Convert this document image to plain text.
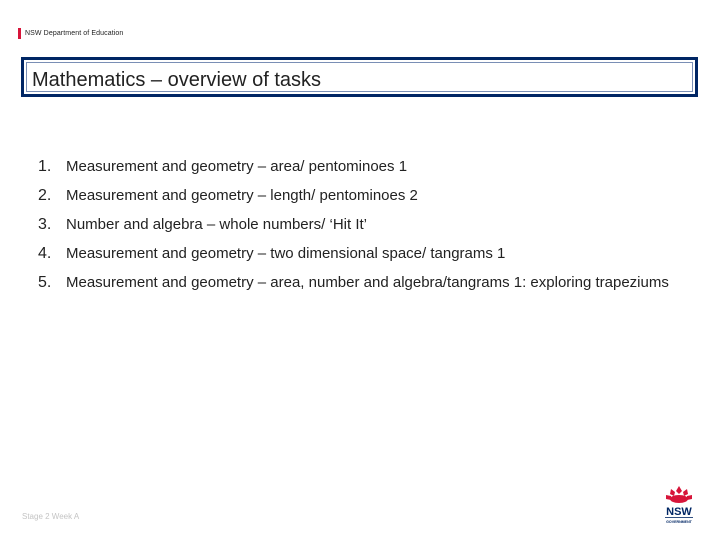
NSW Department of Education
Mathematics – overview of tasks
1. Measurement and geometry – area/ pentominoes 1
2. Measurement and geometry – length/ pentominoes 2
3. Number and algebra – whole numbers/ ‘Hit It’
4. Measurement and geometry – two dimensional space/ tangrams 1
5. Measurement and geometry – area, number and algebra/tangrams 1: exploring trapeziums
Stage 2 Week A	NSW
GOVERNMENT
